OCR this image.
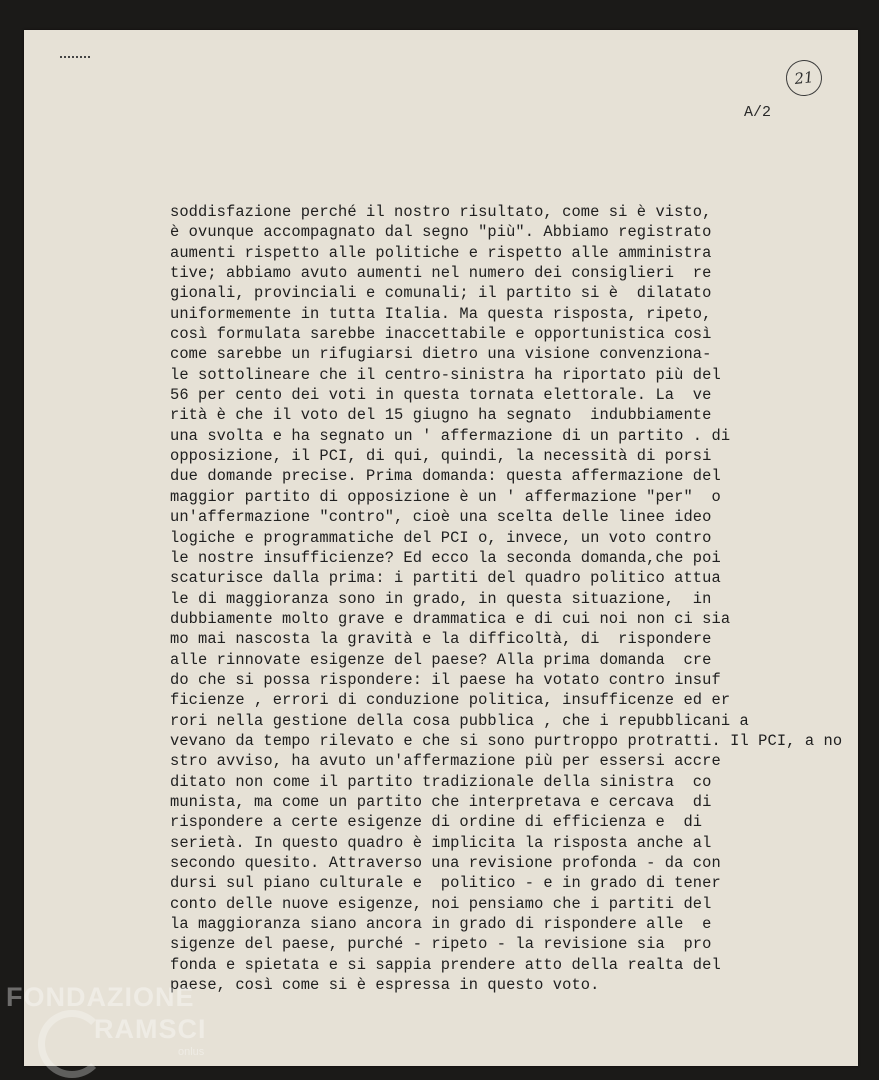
21
A/2
soddisfazione perché il nostro risultato, come si è visto,
è ovunque accompagnato dal segno "più". Abbiamo registrato
aumenti rispetto alle politiche e rispetto alle amministra
tive; abbiamo avuto aumenti nel numero dei consiglieri  re
gionali, provinciali e comunali; il partito si è  dilatato
uniformemente in tutta Italia. Ma questa risposta, ripeto,
così formulata sarebbe inaccettabile e opportunistica così
come sarebbe un rifugiarsi dietro una visione convenziona-
le sottolineare che il centro-sinistra ha riportato più del
56 per cento dei voti in questa tornata elettorale. La  ve
rità è che il voto del 15 giugno ha segnato  indubbiamente
una svolta e ha segnato un ' affermazione di un partito . di
opposizione, il PCI, di qui, quindi, la necessità di porsi
due domande precise. Prima domanda: questa affermazione del
maggior partito di opposizione è un ' affermazione "per"  o
un'affermazione "contro", cioè una scelta delle linee ideo
logiche e programmatiche del PCI o, invece, un voto contro
le nostre insufficienze? Ed ecco la seconda domanda,che poi
scaturisce dalla prima: i partiti del quadro politico attua
le di maggioranza sono in grado, in questa situazione,  in
dubbiamente molto grave e drammatica e di cui noi non ci sia
mo mai nascosta la gravità e la difficoltà, di  rispondere
alle rinnovate esigenze del paese? Alla prima domanda  cre
do che si possa rispondere: il paese ha votato contro insuf
ficienze , errori di conduzione politica, insufficenze ed er
rori nella gestione della cosa pubblica , che i repubblicani a
vevano da tempo rilevato e che si sono purtroppo protratti. Il PCI, a no
stro avviso, ha avuto un'affermazione più per essersi accre
ditato non come il partito tradizionale della sinistra  co
munista, ma come un partito che interpretava e cercava  di
rispondere a certe esigenze di ordine di efficienza e  di
serietà. In questo quadro è implicita la risposta anche al
secondo quesito. Attraverso una revisione profonda - da con
dursi sul piano culturale e  politico - e in grado di tener
conto delle nuove esigenze, noi pensiamo che i partiti del
la maggioranza siano ancora in grado di rispondere alle  e
sigenze del paese, purché - ripeto - la revisione sia  pro
fonda e spietata e si sappia prendere atto della realta del
paese, così come si è espressa in questo voto.
FONDAZIONE
RAMSCI
onlus
